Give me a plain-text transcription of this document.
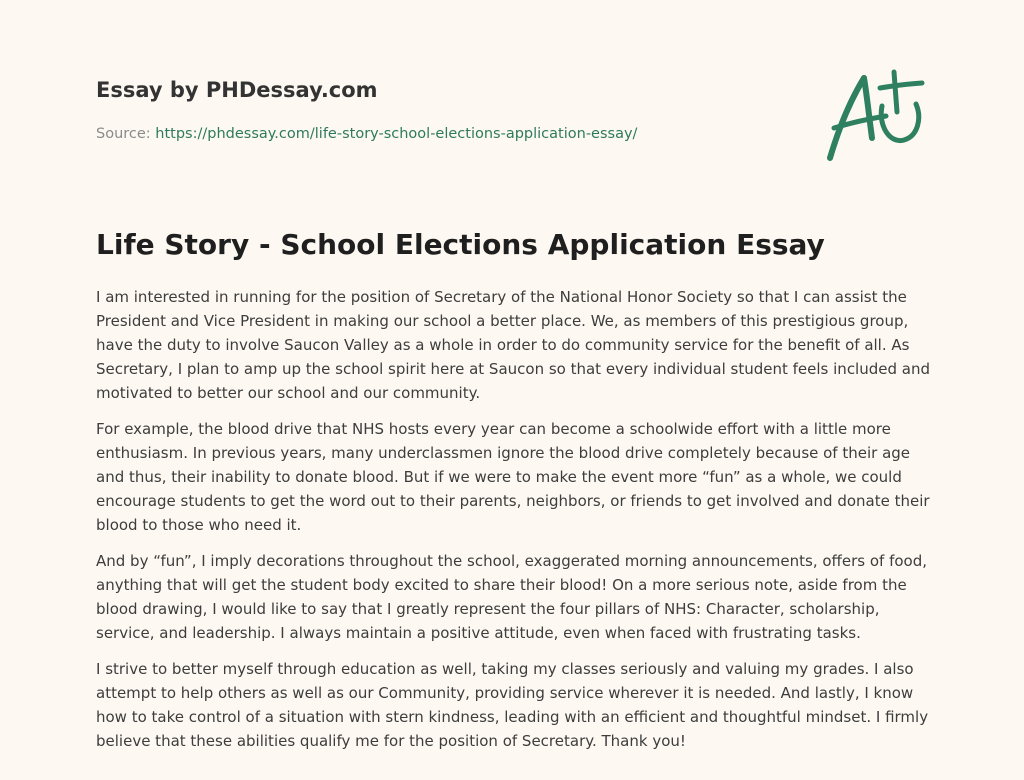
Essay by PHDessay.com
Source: https://phdessay.com/life-story-school-elections-application-essay/
Life Story - School Elections Application Essay

I am interested in running for the position of Secretary of the National Honor Society so that I can assist the President and Vice President in making our school a better place. We, as members of this prestigious group, have the duty to involve Saucon Valley as a whole in order to do community service for the benefit of all. As Secretary, I plan to amp up the school spirit here at Saucon so that every individual student feels included and motivated to better our school and our community.

For example, the blood drive that NHS hosts every year can become a schoolwide effort with a little more enthusiasm. In previous years, many underclassmen ignore the blood drive completely because of their age and thus, their inability to donate blood. But if we were to make the event more “fun” as a whole, we could encourage students to get the word out to their parents, neighbors, or friends to get involved and donate their blood to those who need it.

And by “fun”, I imply decorations throughout the school, exaggerated morning announcements, offers of food, anything that will get the student body excited to share their blood! On a more serious note, aside from the blood drawing, I would like to say that I greatly represent the four pillars of NHS: Character, scholarship, service, and leadership. I always maintain a positive attitude, even when faced with frustrating tasks.

I strive to better myself through education as well, taking my classes seriously and valuing my grades. I also attempt to help others as well as our Community, providing service wherever it is needed. And lastly, I know how to take control of a situation with stern kindness, leading with an efficient and thoughtful mindset. I firmly believe that these abilities qualify me for the position of Secretary. Thank you!
